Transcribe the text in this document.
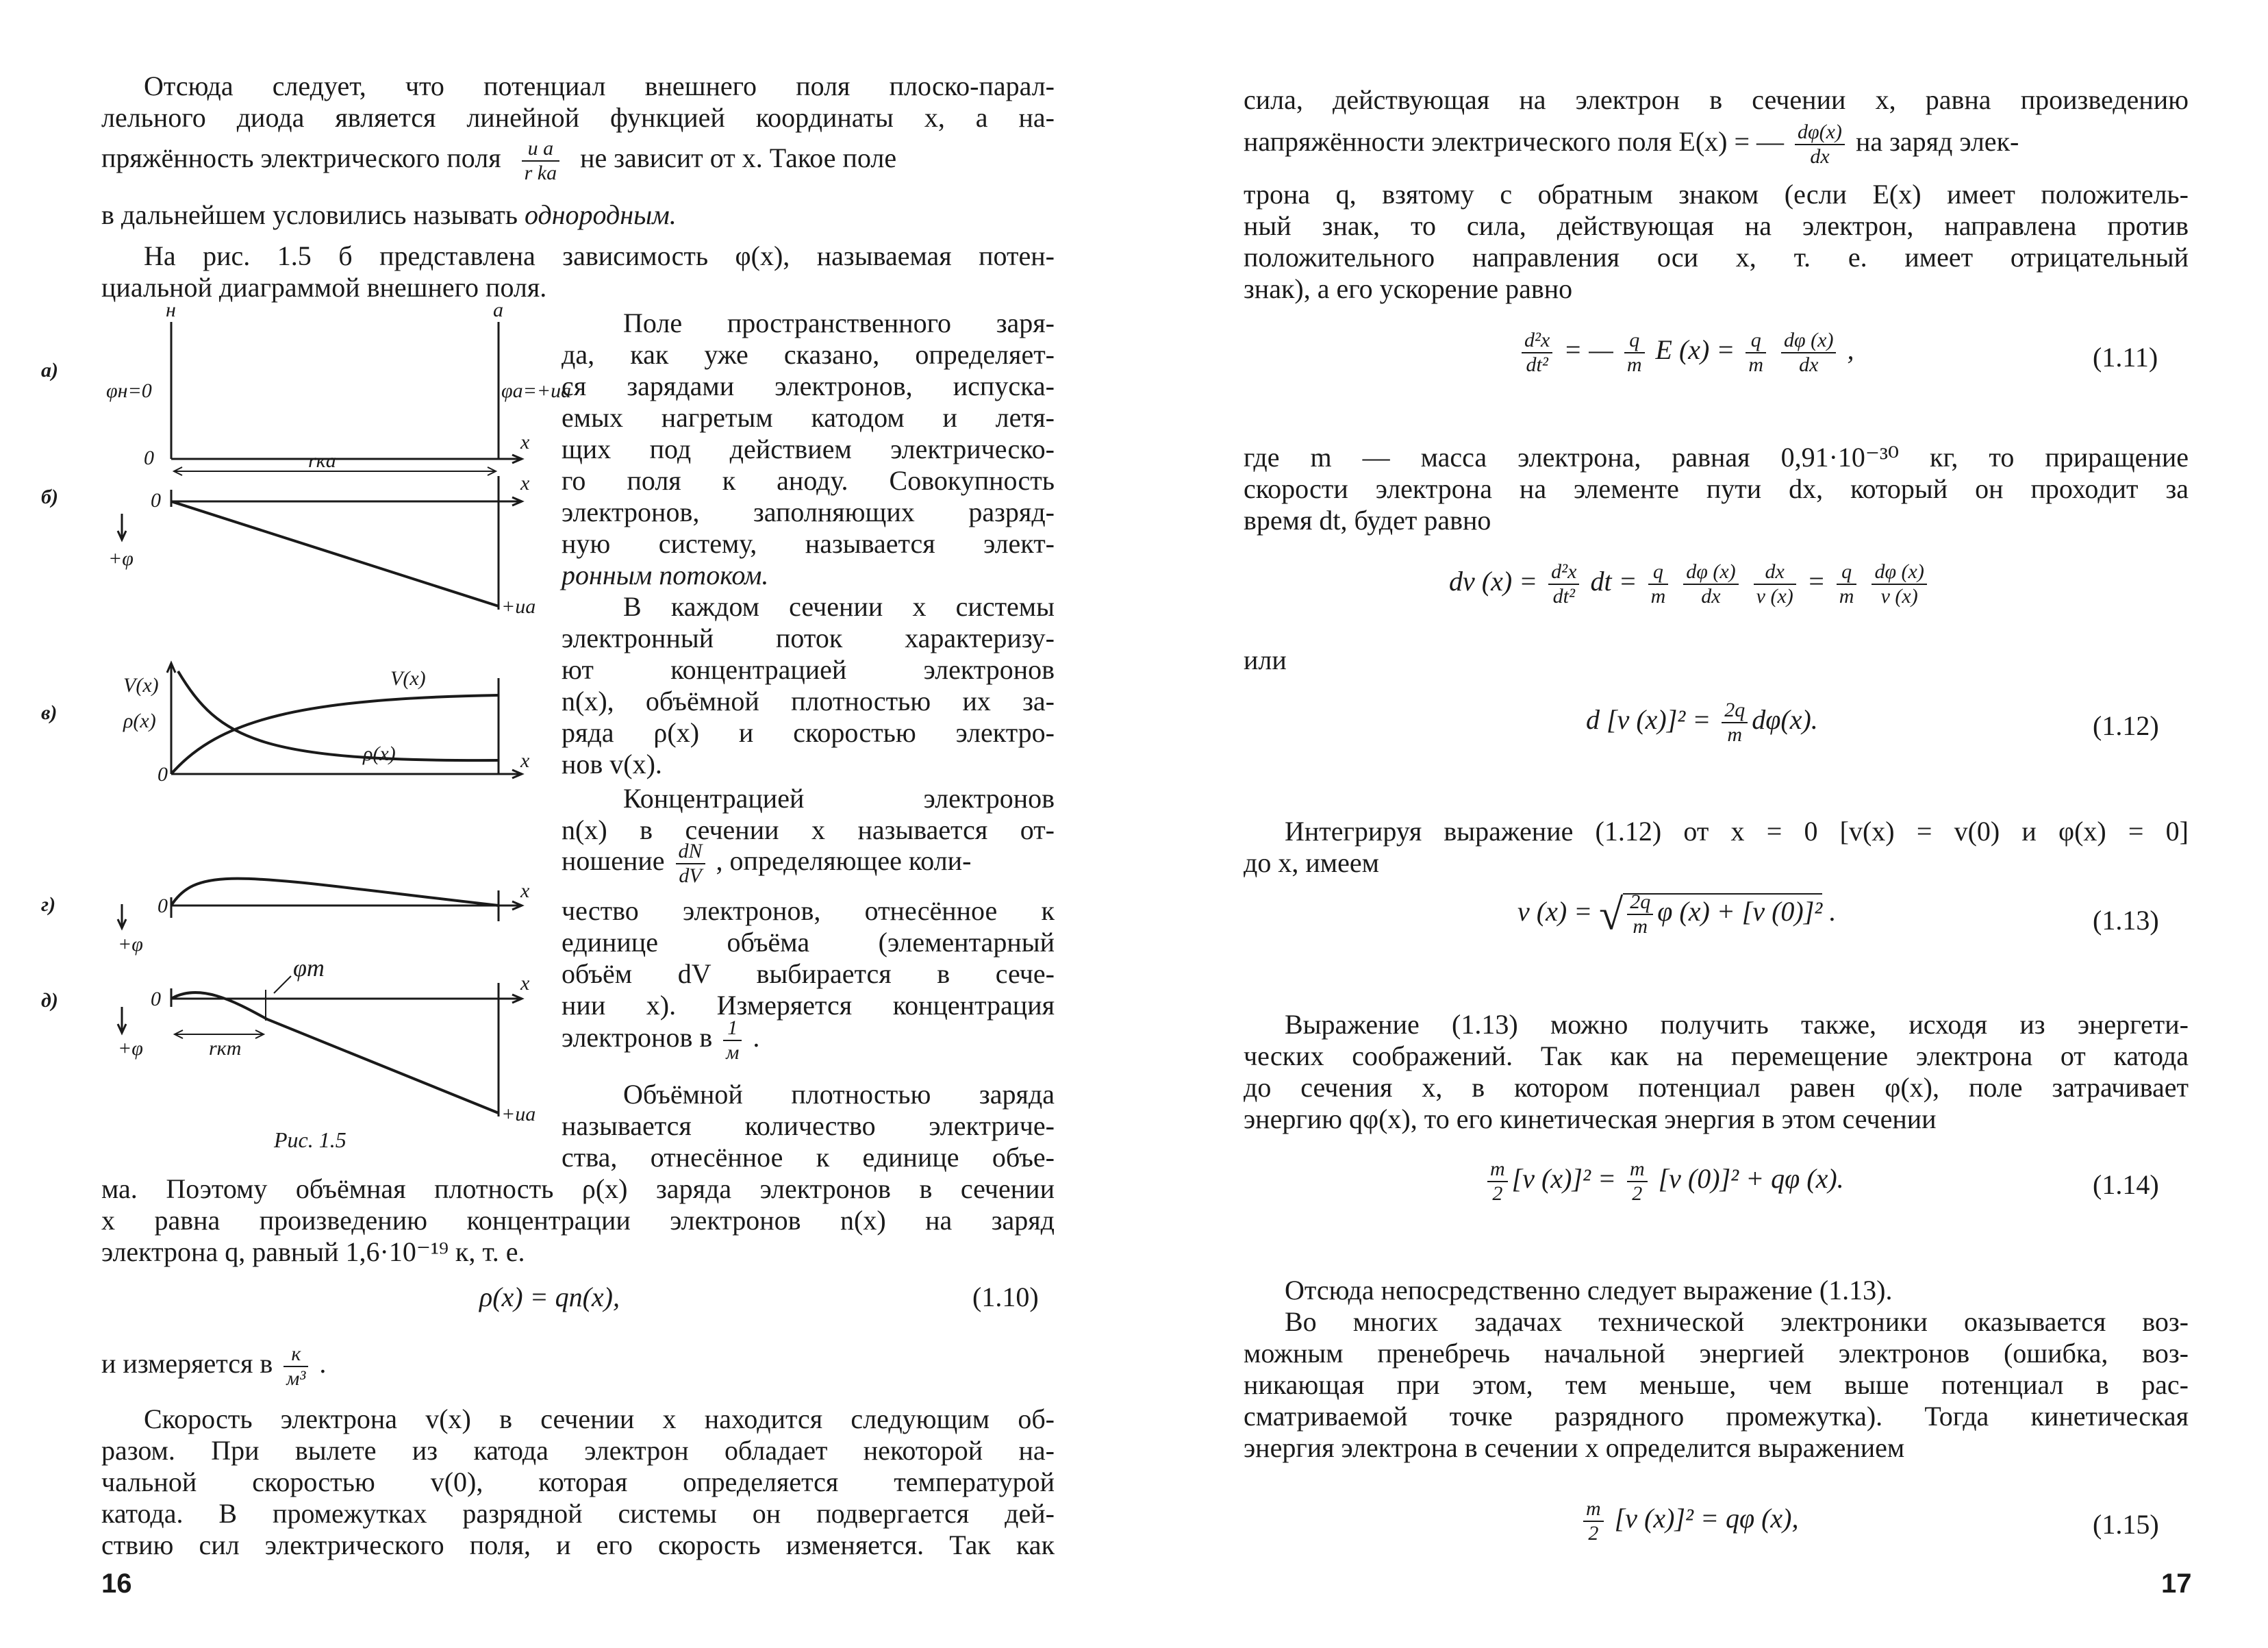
Отсюда следует, что потенциал внешнего поля плоско-парал-
лельного диода является линейной функцией координаты x, а на-
пряжённость электрического поля $\frac{\text{u a}}{\text{r ka}}$ не зависит от x. Такое поле
в дальнейшем условились называть однородным.
На рис. 1.5 б представлена зависимость φ(x), называемая потен-
циальной диаграммой внешнего поля.
Поле пространственного заря-
да, как уже сказано, определяет-
ся зарядами электронов, испуска-
емых нагретым катодом и летя-
щих под действием электрическо-
го поля к аноду. Совокупность
электронов, заполняющих разряд-
ную систему, называется элект-
ронным потоком.
В каждом сечении x системы
электронный поток характеризу-
ют концентрацией электронов
n(x), объёмной плотностью их за-
ряда ρ(x) и скоростью электро-
нов v(x).
Концентрацией электронов
n(x) в сечении x называется от-
ношение $\frac{dN}{dV}$ , определяющее коли-
чество электронов, отнесённое к
единице объёма (элементарный
объём dV выбирается в сече-
нии x). Измеряется концентрация
электронов в $\frac{1}{м}$ .
Объёмной плотностью заряда
называется количество электриче-
ства, отнесённое к единице объе-
а)
б)
в)
г)
д)
н	a
φн=0	φa=+ua
0
x
rкa
0
x
+φ
+ua
V(x)
ρ(x)
V(x)
ρ(x)
0
x
0
x
+φ
0
x
φm
rкm
+φ
+ua
Рис. 1.5
ма. Поэтому объёмная плотность ρ(x) заряда электронов в сечении
x равна произведению концентрации электронов n(x) на заряд
электрона q, равный 1,6·10⁻¹⁹ к, т. е.
ρ(x) = qn(x),	(1.10)
и измеряется в $\frac{к}{\text{м³}}$ .
Скорость электрона v(x) в сечении x находится следующим об-
разом. При вылете из катода электрон обладает некоторой на-
чальной скоростью v(0), которая определяется температурой
катода. В промежутках разрядной системы он подвергается дей-
ствию сил электрического поля, и его скорость изменяется. Так как
16
сила, действующая на электрон в сечении x, равна произведению
напряжённости электрического поля E(x) = — $\frac{d\varphi(x)}{dx}$ на заряд элек-
трона q, взятому с обратным знаком (если E(x) имеет положитель-
ный знак, то сила, действующая на электрон, направлена против
положительного направления оси x, т. е. имеет отрицательный
знак), а его ускорение равно
$\frac{\text{d²x}}{\text{dt²}}$ = — $\frac{q}{m}$ E $(x) = \frac{q}{m}$
$\frac{d\varphi (x)}{dx}$ ,	(1.11)
где m — масса электрона, равная 0,91·10⁻³⁰ кг, то приращение
скорости электрона на элементе пути dx, который он проходит за
время dt, будет равно
dv $(x) = \frac{\text{d²x}}{\text{dt²}}$ dt = $\frac{q}{m}$
$\frac{d\varphi (x)}{dx}$
$\frac{dx}{v (x)} = \frac{q}{m}$
$\frac{d\varphi (x)}{v (x)}$
или
d [v $(x)]^2 = \frac{2q}{m} d\varphi(x)$.	(1.12)
Интегрируя выражение (1.12) от x = 0 [v(x) = v(0) и φ(x) = 0]
до x, имеем
v (x) = √ $\frac{2q}{m}$ φ (x) + [v (0)]² .	(1.13)
Выражение (1.13) можно получить также, исходя из энергети-
ческих соображений. Так как на перемещение электрона от катода
до сечения x, в котором потенциал равен φ(x), поле затрачивает
энергию qφ(x), то его кинетическая энергия в этом сечении
$\frac{m}{2} [v$ $(x)]^2 = \frac{m}{2} [v$ (0)]² + qφ (x).	(1.14)
Отсюда непосредственно следует выражение (1.13).
Во многих задачах технической электроники оказывается воз-
можным пренебречь начальной энергией электронов (ошибка, воз-
никающая при этом, тем меньше, чем выше потенциал в рас-
сматриваемой точке разрядного промежутка). Тогда кинетическая
энергия электрона в сечении x определится выражением
$\frac{m}{2} [v$ (x)]² = qφ (x),	(1.15)
17
